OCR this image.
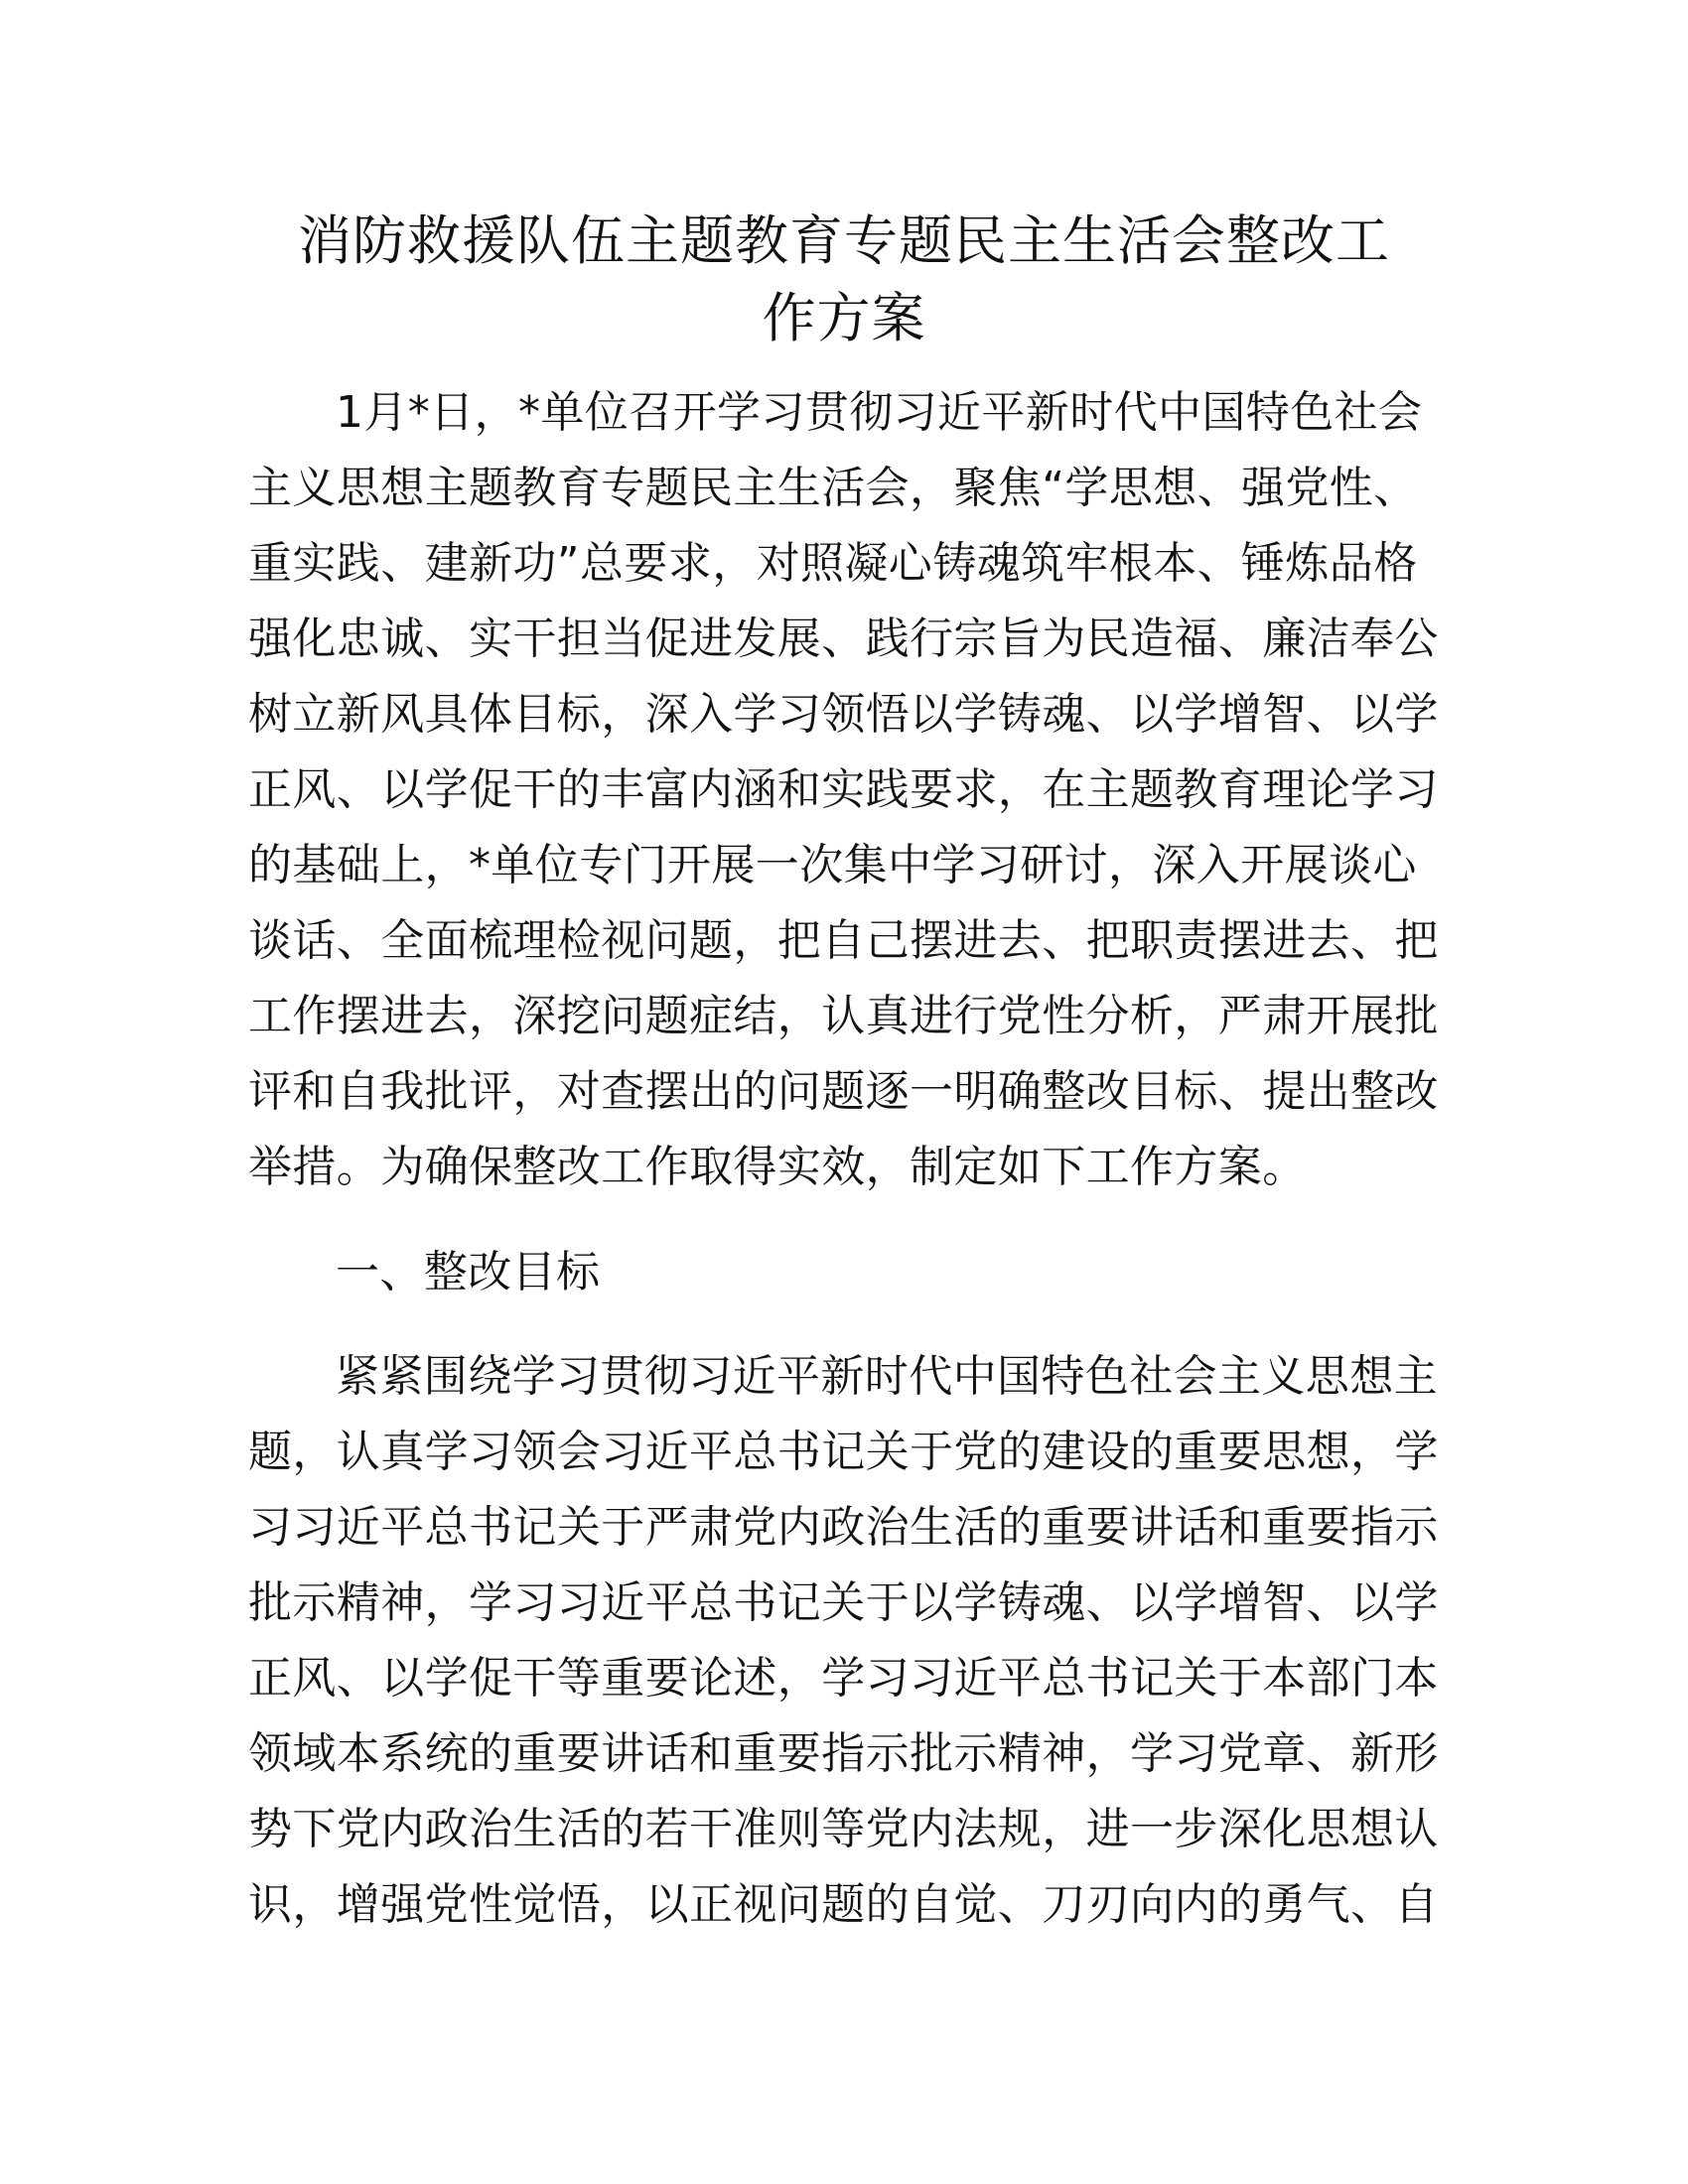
消防救援队伍主题教育专题民主生活会整改工
作方案
1月*日，*单位召开学习贯彻习近平新时代中国特色社会
主义思想主题教育专题民主生活会，聚焦“学思想、强党性、
重实践、建新功”总要求，对照凝心铸魂筑牢根本、锤炼品格
强化忠诚、实干担当促进发展、践行宗旨为民造福、廉洁奉公
树立新风具体目标，深入学习领悟以学铸魂、以学增智、以学
正风、以学促干的丰富内涵和实践要求，在主题教育理论学习
的基础上，*单位专门开展一次集中学习研讨，深入开展谈心
谈话、全面梳理检视问题，把自己摆进去、把职责摆进去、把
工作摆进去，深挖问题症结，认真进行党性分析，严肃开展批
评和自我批评，对查摆出的问题逐一明确整改目标、提出整改
举措。为确保整改工作取得实效，制定如下工作方案。
一、整改目标
紧紧围绕学习贯彻习近平新时代中国特色社会主义思想主
题，认真学习领会习近平总书记关于党的建设的重要思想，学
习习近平总书记关于严肃党内政治生活的重要讲话和重要指示
批示精神，学习习近平总书记关于以学铸魂、以学增智、以学
正风、以学促干等重要论述，学习习近平总书记关于本部门本
领域本系统的重要讲话和重要指示批示精神，学习党章、新形
势下党内政治生活的若干准则等党内法规，进一步深化思想认
识，增强党性觉悟，以正视问题的自觉、刀刃向内的勇气、自
